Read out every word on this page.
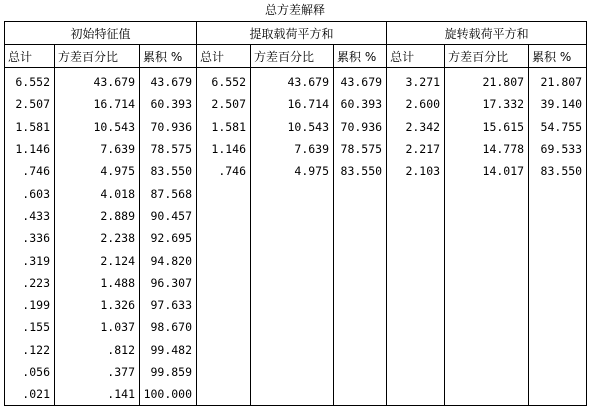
总方差解释
初始特征值			提取载荷平方和			旋转载荷平方和		
总计	方差百分比	累积 %	总计	方差百分比	累积 %	总计	方差百分比	累积 %
6.552	43.679	43.679	6.552	43.679	43.679	3.271	21.807	21.807
2.507	16.714	60.393	2.507	16.714	60.393	2.600	17.332	39.140
1.581	10.543	70.936	1.581	10.543	70.936	2.342	15.615	54.755
1.146	7.639	78.575	1.146	7.639	78.575	2.217	14.778	69.533
.746	4.975	83.550	.746	4.975	83.550	2.103	14.017	83.550
.603	4.018	87.568						
.433	2.889	90.457						
.336	2.238	92.695						
.319	2.124	94.820						
.223	1.488	96.307						
.199	1.326	97.633						
.155	1.037	98.670						
.122	.812	99.482						
.056	.377	99.859						
.021	.141	100.000						
